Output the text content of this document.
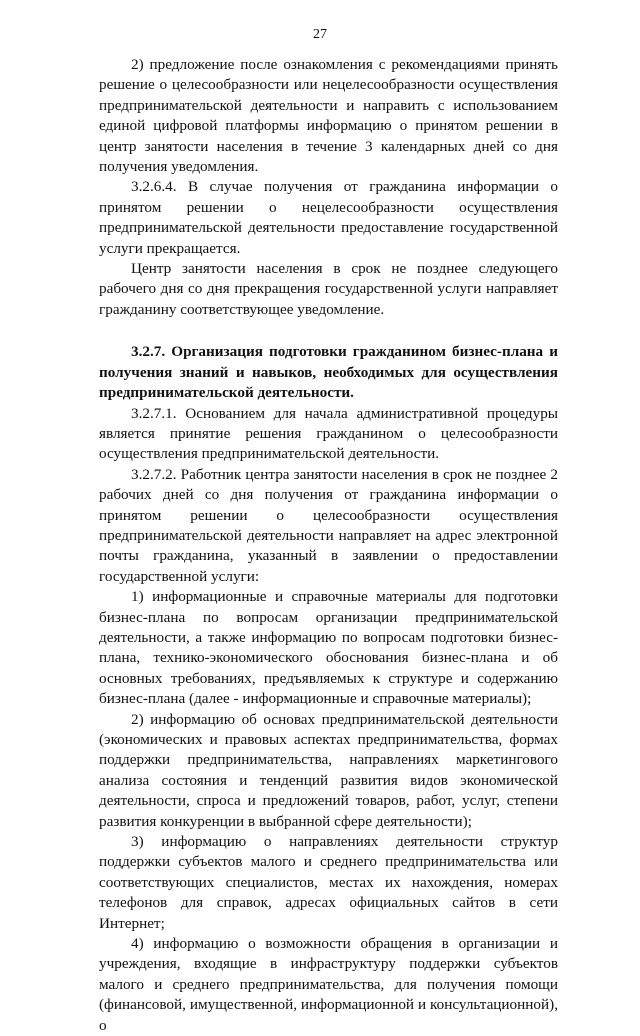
27

2) предложение после ознакомления с рекомендациями принять решение о целесообразности или нецелесообразности осуществления предпринимательской деятельности и направить с использованием единой цифровой платформы информацию о принятом решении в центр занятости населения в течение 3 календарных дней со дня получения уведомления.

3.2.6.4. В случае получения от гражданина информации о принятом решении о нецелесообразности осуществления предпринимательской деятельности предоставление государственной услуги прекращается.

Центр занятости населения в срок не позднее следующего рабочего дня со дня прекращения государственной услуги направляет гражданину соответствующее уведомление.

3.2.7. Организация подготовки гражданином бизнес-плана и получения знаний и навыков, необходимых для осуществления предпринимательской деятельности.

3.2.7.1. Основанием для начала административной процедуры является принятие решения гражданином о целесообразности осуществления предпринимательской деятельности.

3.2.7.2. Работник центра занятости населения в срок не позднее 2 рабочих дней со дня получения от гражданина информации о принятом решении о целесообразности осуществления предпринимательской деятельности направляет на адрес электронной почты гражданина, указанный в заявлении о предоставлении государственной услуги:

1) информационные и справочные материалы для подготовки бизнес-плана по вопросам организации предпринимательской деятельности, а также информацию по вопросам подготовки бизнес-плана, технико-экономического обоснования бизнес-плана и об основных требованиях, предъявляемых к структуре и содержанию бизнес-плана (далее - информационные и справочные материалы);

2) информацию об основах предпринимательской деятельности (экономических и правовых аспектах предпринимательства, формах поддержки предпринимательства, направлениях маркетингового анализа состояния и тенденций развития видов экономической деятельности, спроса и предложений товаров, работ, услуг, степени развития конкуренции в выбранной сфере деятельности);

3) информацию о направлениях деятельности структур поддержки субъектов малого и среднего предпринимательства или соответствующих специалистов, местах их нахождения, номерах телефонов для справок, адресах официальных сайтов в сети Интернет;

4) информацию о возможности обращения в организации и учреждения, входящие в инфраструктуру поддержки субъектов малого и среднего предпринимательства, для получения помощи (финансовой, имущественной, информационной и консультационной), о
